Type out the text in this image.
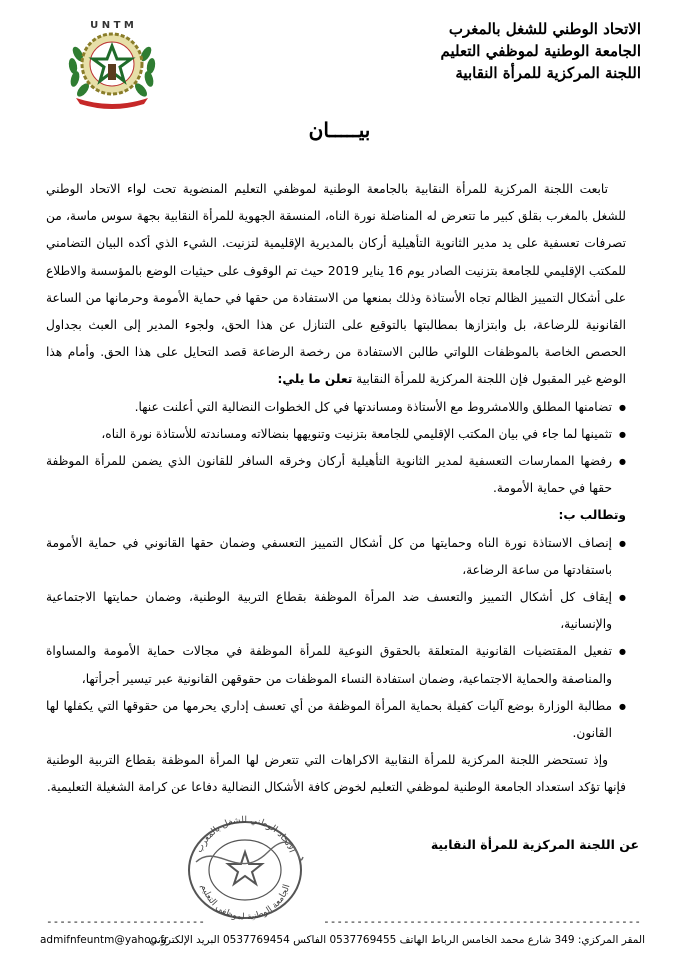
U N T M	الاتحاد الوطني للشغل بالمغرب
الجامعة الوطنية لموظفي التعليم
اللجنة المركزية للمرأة النقابية
بيـــــان

تابعت اللجنة المركزية للمرأة النقابية بالجامعة الوطنية لموظفي التعليم المنضوية تحت لواء الاتحاد الوطني للشغل بالمغرب بقلق كبير ما تتعرض له المناضلة نورة الناه، المنسقة الجهوية للمرأة النقابية بجهة سوس ماسة، من تصرفات تعسفية على يد مدير الثانوية التأهيلية أركان بالمديرية الإقليمية لتزنيت. الشيء الذي أكده البيان التضامني للمكتب الإقليمي للجامعة بتزنيت الصادر يوم 16 يناير 2019 حيث تم الوقوف على حيثيات الوضع بالمؤسسة والاطلاع على أشكال التمييز الظالم تجاه الأستاذة وذلك بمنعها من الاستفادة من حقها في حماية الأمومة وحرمانها من الساعة القانونية للرضاعة، بل وابتزازها بمطالبتها بالتوقيع على التنازل عن هذا الحق، ولجوء المدير إلى العبث بجداول الحصص الخاصة بالموظفات اللواتي طالبن الاستفادة من رخصة الرضاعة قصد التحايل على هذا الحق. وأمام هذا الوضع غير المقبول فإن اللجنة المركزية للمرأة النقابية تعلن ما يلي:

● تضامنها المطلق واللامشروط مع الأستاذة ومساندتها في كل الخطوات النضالية التي أعلنت عنها.
● تثمينها لما جاء في بيان المكتب الإقليمي للجامعة بتزنيت وتنويهها بنضالاته ومساندته للأستاذة نورة الناه،
● رفضها الممارسات التعسفية لمدير الثانوية التأهيلية أركان وخرقه السافر للقانون الذي يضمن للمرأة الموظفة حقها في حماية الأمومة.

وتطالب ب:

● إنصاف الاستاذة نورة الناه وحمايتها من كل أشكال التمييز التعسفي وضمان حقها القانوني في حماية الأمومة باستفادتها من ساعة الرضاعة،
● إيقاف كل أشكال التمييز والتعسف ضد المرأة الموظفة بقطاع التربية الوطنية، وضمان حمايتها الاجتماعية والإنسانية،
● تفعيل المقتضيات القانونية المتعلقة بالحقوق النوعية للمرأة الموظفة في مجالات حماية الأمومة والمساواة والمناصفة والحماية الاجتماعية، وضمان استفادة النساء الموظفات من حقوقهن القانونية عبر تيسير أجرأتها،
● مطالبة الوزارة بوضع آليات كفيلة بحماية المرأة الموظفة من أي تعسف إداري يحرمها من حقوقها التي يكفلها لها القانون.

وإذ تستحضر اللجنة المركزية للمرأة النقابية الاكراهات التي تتعرض لها المرأة الموظفة بقطاع التربية الوطنية فإنها تؤكد استعداد الجامعة الوطنية لموظفي التعليم لخوض كافة الأشكال النضالية دفاعا عن كرامة الشغيلة التعليمية.

عن اللجنة المركزية للمرأة النقابية
الاتحاد الوطني للشغل بالمغرب
الجامعة الوطنية لموظفي التعليم
------------------------	------------------------------------------------
المقر المركزي: 349 شارع محمد الخامس الرباط الهاتف 0537769455 الفاكس 0537769454 البريد الإلكتروني
admifnfeuntm@yahoo.fr
